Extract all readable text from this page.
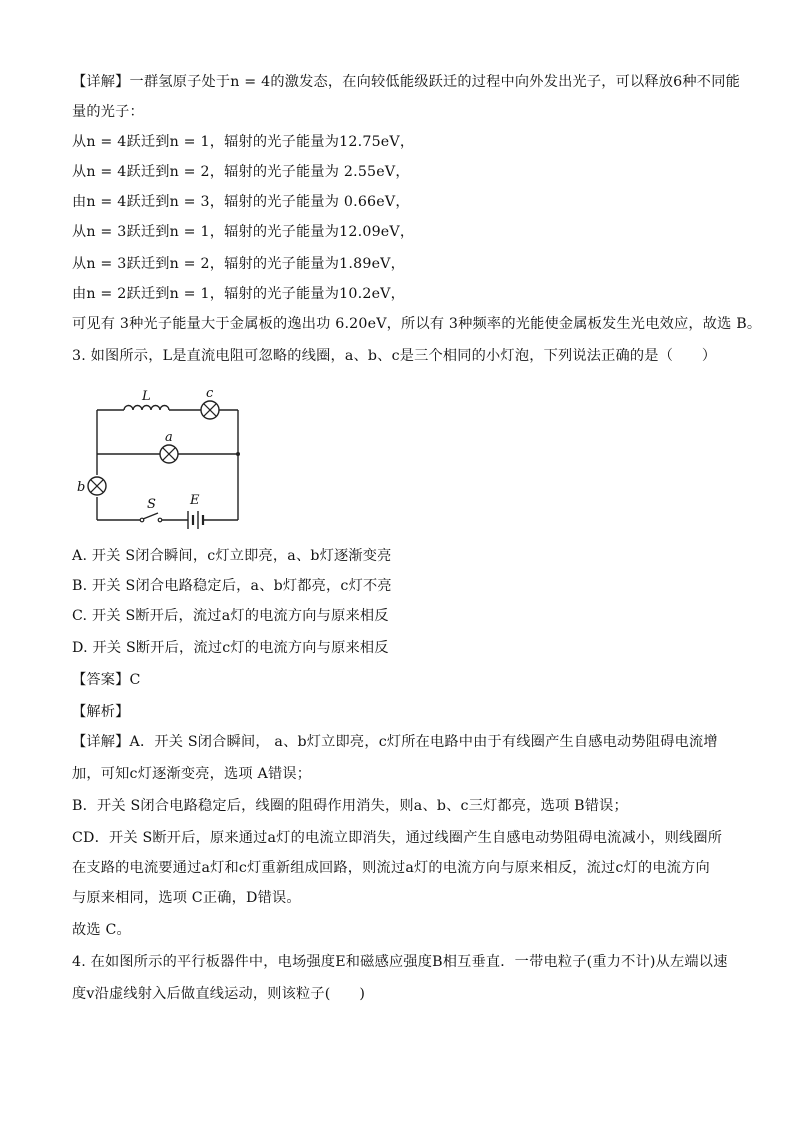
【详解】一群氢原子处于n = 4的激发态，在向较低能级跃迁的过程中向外发出光子，可以释放6种不同能
量的光子：
从n = 4跃迁到n = 1，辐射的光子能量为12.75eV，
从n = 4跃迁到n = 2，辐射的光子能量为 2.55eV，
由n = 4跃迁到n = 3，辐射的光子能量为 0.66eV，
从n = 3跃迁到n = 1，辐射的光子能量为12.09eV，
从n = 3跃迁到n = 2，辐射的光子能量为1.89eV，
由n = 2跃迁到n = 1，辐射的光子能量为10.2eV，
可见有 3种光子能量大于金属板的逸出功 6.20eV，所以有 3种频率的光能使金属板发生光电效应，故选 B。
3. 如图所示，L是直流电阻可忽略的线圈，a、b、c是三个相同的小灯泡，下列说法正确的是（　　）
L	c
a
b
S	E
A. 开关 S闭合瞬间，c灯立即亮，a、b灯逐渐变亮
B. 开关 S闭合电路稳定后，a、b灯都亮，c灯不亮
C. 开关 S断开后，流过a灯的电流方向与原来相反
D. 开关 S断开后，流过c灯的电流方向与原来相反
【答案】C
【解析】
【详解】A．开关 S闭合瞬间， a、b灯立即亮，c灯所在电路中由于有线圈产生自感电动势阻碍电流增
加，可知c灯逐渐变亮，选项 A错误；
B．开关 S闭合电路稳定后，线圈的阻碍作用消失，则a、b、c三灯都亮，选项 B错误；
CD．开关 S断开后，原来通过a灯的电流立即消失，通过线圈产生自感电动势阻碍电流减小，则线圈所
在支路的电流要通过a灯和c灯重新组成回路，则流过a灯的电流方向与原来相反，流过c灯的电流方向
与原来相同，选项 C正确，D错误。
故选 C。
4. 在如图所示的平行板器件中，电场强度E和磁感应强度B相互垂直．一带电粒子(重力不计)从左端以速
度v沿虚线射入后做直线运动，则该粒子(　　)
